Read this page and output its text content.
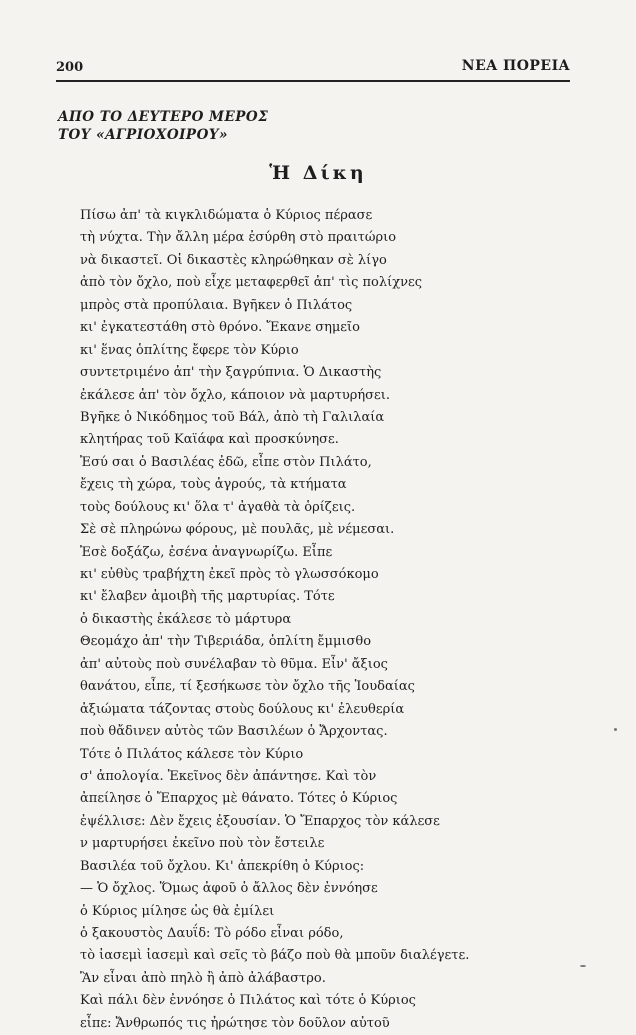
200	ΝΕΑ ΠΟΡΕΙΑ
ΑΠΟ ΤΟ ΔΕΥΤΕΡΟ ΜΕΡΟΣ
ΤΟΥ «ΑΓΡΙΟΧΟΙΡΟΥ»
Ἡ Δίκη
Πίσω ἀπ' τὰ κιγκλιδώματα ὁ Κύριος πέρασε
τὴ νύχτα. Τὴν ἄλλη μέρα ἐσύρθη στὸ πραιτώριο
νὰ δικαστεῖ. Οἱ δικαστὲς κληρώθηκαν σὲ λίγο
ἀπὸ τὸν ὄχλο, ποὺ εἶχε μεταφερθεῖ ἀπ' τὶς πολίχνες
μπρὸς στὰ προπύλαια. Βγῆκεν ὁ Πιλάτος
κι' ἐγκατεστάθη στὸ θρόνο. Ἔκανε σημεῖο
κι' ἕνας ὁπλίτης ἔφερε τὸν Κύριο
συντετριμένο ἀπ' τὴν ξαγρύπνια. Ὁ Δικαστὴς
ἐκάλεσε ἀπ' τὸν ὄχλο, κάποιον νὰ μαρτυρήσει.
Βγῆκε ὁ Νικόδημος τοῦ Βάλ, ἀπὸ τὴ Γαλιλαία
κλητήρας τοῦ Καϊάφα καὶ προσκύνησε.
Ἐσύ σαι ὁ Βασιλέας ἐδῶ, εἶπε στὸν Πιλάτο,
ἔχεις τὴ χώρα, τοὺς ἀγρούς, τὰ κτήματα
τοὺς δούλους κι' ὅλα τ' ἀγαθὰ τὰ ὁρίζεις.
Σὲ σὲ πληρώνω φόρους, μὲ πουλᾶς, μὲ νέμεσαι.
Ἐσὲ δοξάζω, ἐσένα ἀναγνωρίζω. Εἶπε
κι' εὐθὺς τραβήχτη ἐκεῖ πρὸς τὸ γλωσσόκομο
κι' ἔλαβεν ἀμοιβὴ τῆς μαρτυρίας. Τότε
ὁ δικαστὴς ἐκάλεσε τὸ μάρτυρα
Θεομάχο ἀπ' τὴν Τιβεριάδα, ὁπλίτη ἔμμισθο
ἀπ' αὐτοὺς ποὺ συνέλαβαν τὸ θῦμα. Εἶν' ἄξιος
θανάτου, εἶπε, τί ξεσήκωσε τὸν ὄχλο τῆς Ἰουδαίας
ἀξιώματα τάζοντας στοὺς δούλους κι' ἐλευθερία
ποὺ θἄδινεν αὐτὸς τῶν Βασιλέων ὁ Ἄρχοντας.
Τότε ὁ Πιλάτος κάλεσε τὸν Κύριο
σ' ἀπολογία. Ἐκεῖνος δὲν ἀπάντησε. Καὶ τὸν
ἀπείλησε ὁ Ἔπαρχος μὲ θάνατο. Τότες ὁ Κύριος
ἐψέλλισε: Δὲν ἔχεις ἐξουσίαν. Ὁ Ἔπαρχος τὸν κάλεσε
ν μαρτυρήσει ἐκεῖνο ποὺ τὸν ἔστειλε
Βασιλέα τοῦ ὄχλου. Κι' ἀπεκρίθη ὁ Κύριος:
— Ὁ ὄχλος. Ὅμως ἀφοῦ ὁ ἄλλος δὲν ἐννόησε
ὁ Κύριος μίλησε ὡς θὰ ἐμίλει
ὁ ξακουστὸς Δαυΐδ: Τὸ ρόδο εἶναι ρόδο,
τὸ ἰασεμὶ ἰασεμὶ καὶ σεῖς τὸ βάζο ποὺ θὰ μποῦν διαλέγετε.
Ἂν εἶναι ἀπὸ πηλὸ ἢ ἀπὸ ἀλάβαστρο.
Καὶ πάλι δὲν ἐννόησε ὁ Πιλάτος καὶ τότε ὁ Κύριος
εἶπε: Ἄνθρωπός τις ἠρώτησε τὸν δοῦλον αὐτοῦ
